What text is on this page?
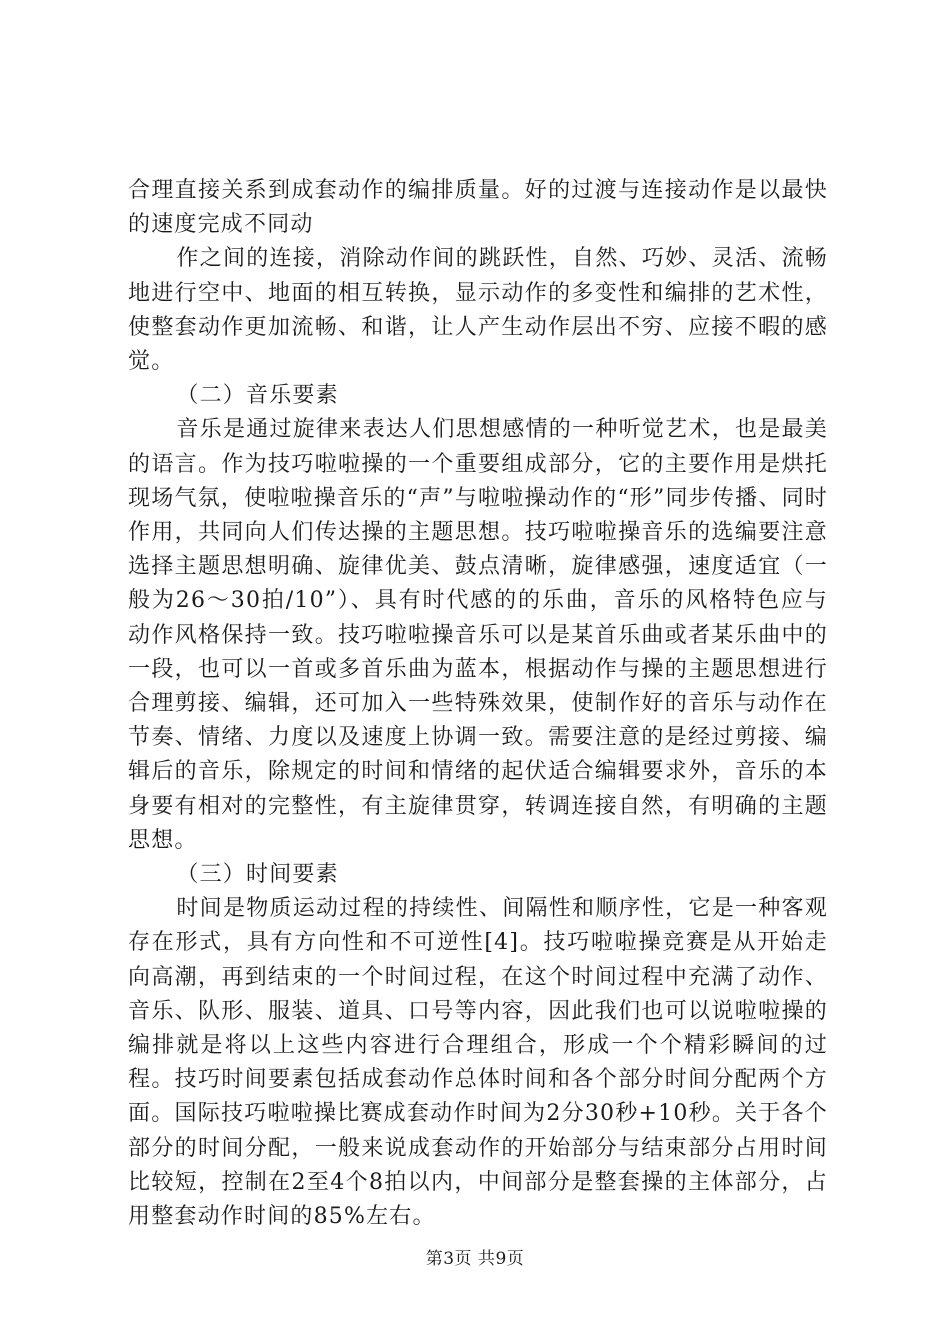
合理直接关系到成套动作的编排质量。好的过渡与连接动作是以最快的速度完成不同动

作之间的连接，消除动作间的跳跃性，自然、巧妙、灵活、流畅地进行空中、地面的相互转换，显示动作的多变性和编排的艺术性，使整套动作更加流畅、和谐，让人产生动作层出不穷、应接不暇的感觉。

（二）音乐要素

音乐是通过旋律来表达人们思想感情的一种听觉艺术，也是最美的语言。作为技巧啦啦操的一个重要组成部分，它的主要作用是烘托现场气氛，使啦啦操音乐的“声”与啦啦操动作的“形”同步传播、同时作用，共同向人们传达操的主题思想。技巧啦啦操音乐的选编要注意选择主题思想明确、旋律优美、鼓点清晰，旋律感强，速度适宜（一般为26～30拍/10”）、具有时代感的的乐曲，音乐的风格特色应与动作风格保持一致。技巧啦啦操音乐可以是某首乐曲或者某乐曲中的一段，也可以一首或多首乐曲为蓝本，根据动作与操的主题思想进行合理剪接、编辑，还可加入一些特殊效果，使制作好的音乐与动作在节奏、情绪、力度以及速度上协调一致。需要注意的是经过剪接、编辑后的音乐，除规定的时间和情绪的起伏适合编辑要求外，音乐的本身要有相对的完整性，有主旋律贯穿，转调连接自然，有明确的主题思想。

（三）时间要素

时间是物质运动过程的持续性、间隔性和顺序性，它是一种客观存在形式，具有方向性和不可逆性[4]。技巧啦啦操竞赛是从开始走向高潮，再到结束的一个时间过程，在这个时间过程中充满了动作、音乐、队形、服装、道具、口号等内容，因此我们也可以说啦啦操的编排就是将以上这些内容进行合理组合，形成一个个精彩瞬间的过程。技巧时间要素包括成套动作总体时间和各个部分时间分配两个方面。国际技巧啦啦操比赛成套动作时间为2分30秒+10秒。关于各个部分的时间分配，一般来说成套动作的开始部分与结束部分占用时间比较短，控制在2至4个8拍以内，中间部分是整套操的主体部分，占用整套动作时间的85%左右。

第3页 共9页
